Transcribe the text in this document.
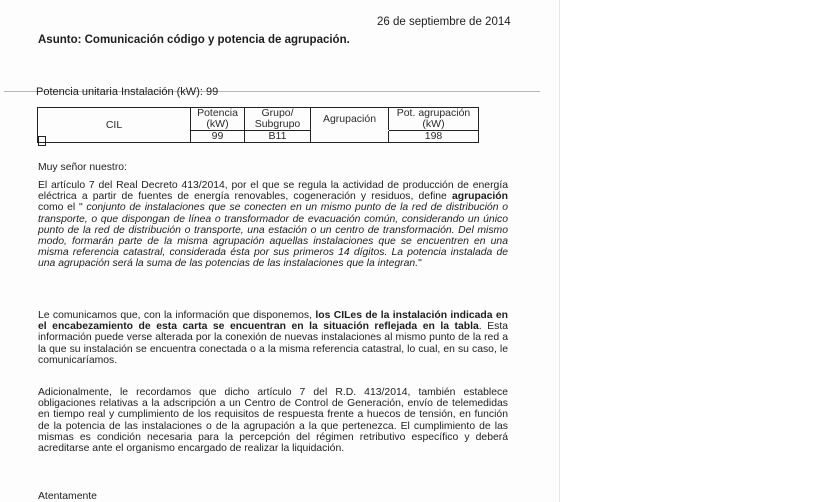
26 de septiembre de 2014
Asunto: Comunicación código y potencia de agrupación.
Potencia unitaria Instalación (kW): 99
CIL	Potencia (kW)	Grupo/ Subgrupo	Agrupación	Pot. agrupación (kW)
	99	B11		198

Muy señor nuestro:

El artículo 7 del Real Decreto 413/2014, por el que se regula la actividad de producción de energía eléctrica a partir de fuentes de energía renovables, cogeneración y residuos, define agrupación como el " conjunto de instalaciones que se conecten en un mismo punto de la red de distribución o transporte, o que dispongan de línea o transformador de evacuación común, considerando un único punto de la red de distribución o transporte, una estación o un centro de transformación. Del mismo modo, formarán parte de la misma agrupación aquellas instalaciones que se encuentren en una misma referencia catastral, considerada ésta por sus primeros 14 dígitos. La potencia instalada de una agrupación será la suma de las potencias de las instalaciones que la integran."

Le comunicamos que, con la información que disponemos, los CILes de la instalación indicada en el encabezamiento de esta carta se encuentran en la situación reflejada en la tabla. Esta información puede verse alterada por la conexión de nuevas instalaciones al mismo punto de la red a la que su instalación se encuentra conectada o a la misma referencia catastral, lo cual, en su caso, le comunicaríamos.

Adicionalmente, le recordamos que dicho artículo 7 del R.D. 413/2014, también establece obligaciones relativas a la adscripción a un Centro de Control de Generación, envío de telemedidas en tiempo real y cumplimiento de los requisitos de respuesta frente a huecos de tensión, en función de la potencia de las instalaciones o de la agrupación a la que pertenezca. El cumplimiento de las mismas es condición necesaria para la percepción del régimen retributivo específico y deberá acreditarse ante el organismo encargado de realizar la liquidación.

Atentamente
